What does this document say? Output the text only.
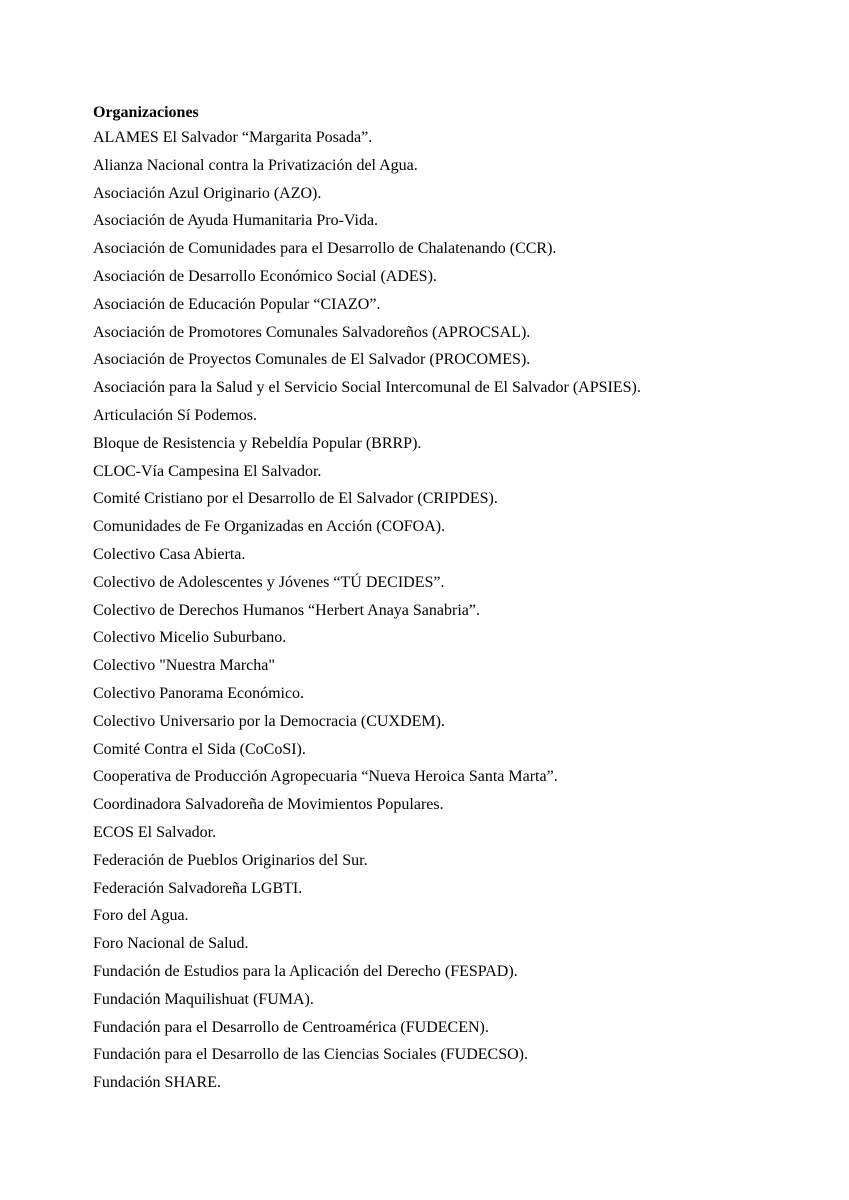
Organizaciones
ALAMES El Salvador “Margarita Posada”.
Alianza Nacional contra la Privatización del Agua.
Asociación Azul Originario (AZO).
Asociación de Ayuda Humanitaria Pro-Vida.
Asociación de Comunidades para el Desarrollo de Chalatenando (CCR).
Asociación de Desarrollo Económico Social (ADES).
Asociación de Educación Popular “CIAZO”.
Asociación de Promotores Comunales Salvadoreños (APROCSAL).
Asociación de Proyectos Comunales de El Salvador (PROCOMES).
Asociación para la Salud y el Servicio Social Intercomunal de El Salvador (APSIES).
Articulación Sí Podemos.
Bloque de Resistencia y Rebeldía Popular (BRRP).
CLOC-Vía Campesina El Salvador.
Comité Cristiano por el Desarrollo de El Salvador (CRIPDES).
Comunidades de Fe Organizadas en Acción (COFOA).
Colectivo Casa Abierta.
Colectivo de Adolescentes y Jóvenes “TÚ DECIDES”.
Colectivo de Derechos Humanos “Herbert Anaya Sanabria”.
Colectivo Micelio Suburbano.
Colectivo "Nuestra Marcha"
Colectivo Panorama Económico.
Colectivo Universario por la Democracia (CUXDEM).
Comité Contra el Sida (CoCoSI).
Cooperativa de Producción Agropecuaria “Nueva Heroica Santa Marta”.
Coordinadora Salvadoreña de Movimientos Populares.
ECOS El Salvador.
Federación de Pueblos Originarios del Sur.
Federación Salvadoreña LGBTI.
Foro del Agua.
Foro Nacional de Salud.
Fundación de Estudios para la Aplicación del Derecho (FESPAD).
Fundación Maquilishuat (FUMA).
Fundación para el Desarrollo de Centroamérica (FUDECEN).
Fundación para el Desarrollo de las Ciencias Sociales (FUDECSO).
Fundación SHARE.
